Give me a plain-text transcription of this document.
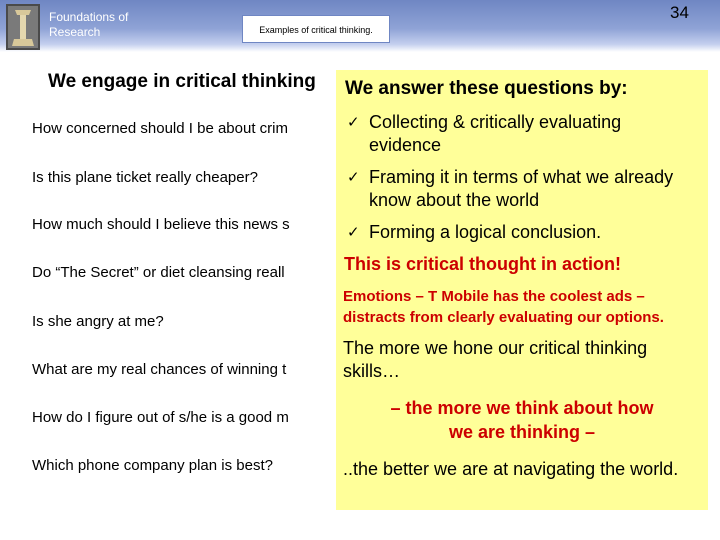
Foundations of
Research	Examples of critical thinking.
34
We engage in critical thinking
How concerned should I be about crim
Is this plane ticket really cheaper?
How much should I believe this news s
Do “The Secret” or diet cleansing reall
Is she angry at me?
What are my real chances of winning t
How do I figure out of s/he is a good m
Which phone company plan is best?
We answer these questions by:
✓ Collecting & critically evaluating evidence
✓ Framing it in terms of what we already know about the world
✓ Forming a logical conclusion.
This is critical thought in action!
Emotions – T Mobile has the coolest ads – distracts from clearly evaluating our options.
The more we hone our critical thinking skills…
– the more we think about how
we are thinking –
..the better we are at navigating the world.
